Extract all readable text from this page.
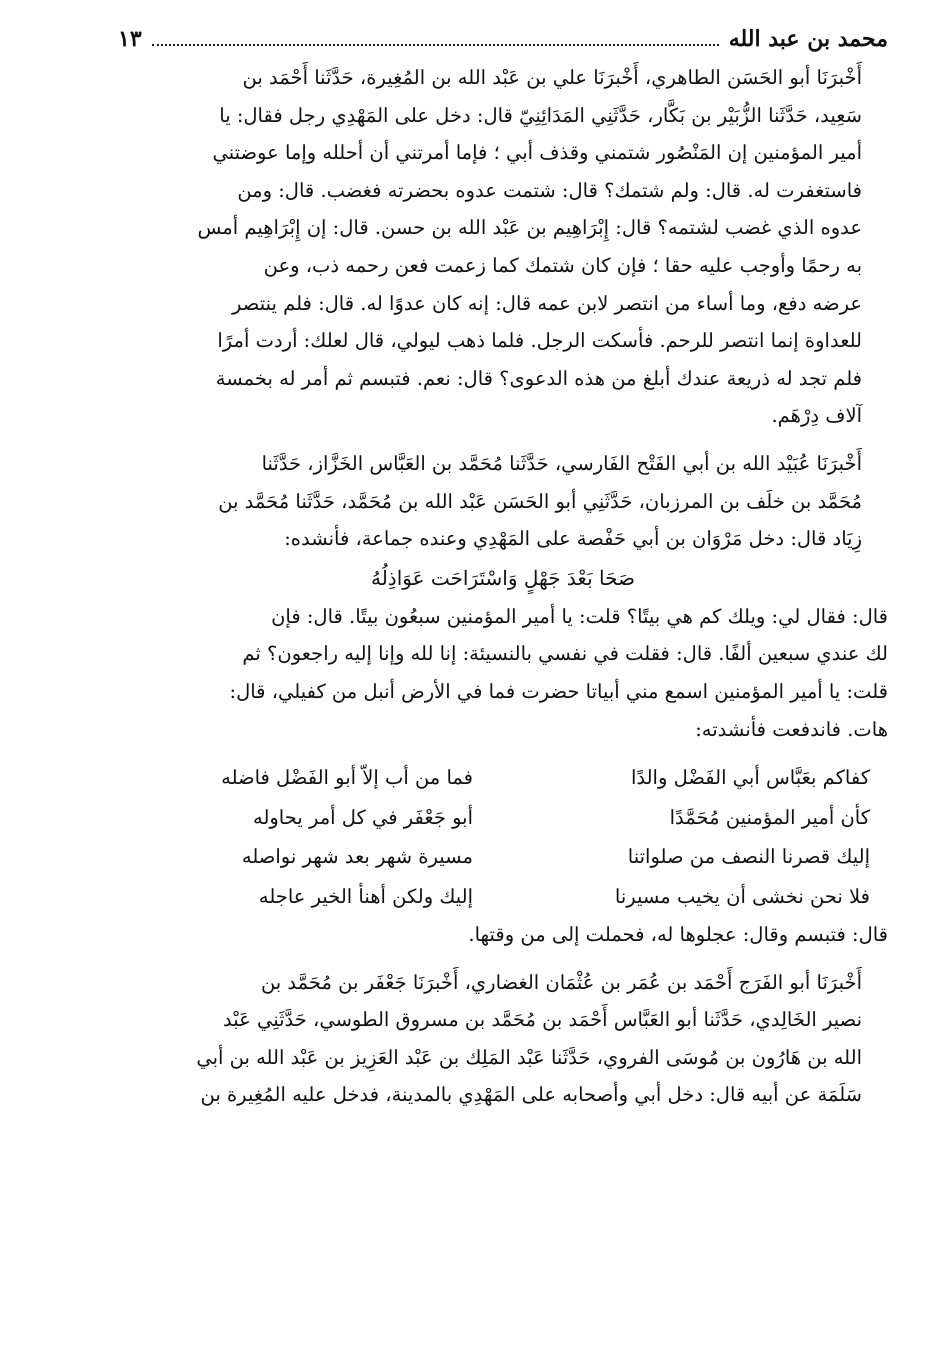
محمد بن عبد الله
١٣

أَخْبرَنَا أبو الحَسَن الطاهري، أَخْبرَنَا علي بن عَبْد الله بن المُغِيرة، حَدَّثَنا أَحْمَد بن
سَعِيد، حَدَّثَنا الزُّبَيْر بن بَكَّار، حَدَّثَنِي المَدَائِنِيّ قال: دخل على المَهْدِي رجل فقال: يا
أمير المؤمنين إن المَنْصُور شتمني وقذف أبي ؛ فإما أمرتني أن أحلله وإما عوضتني
فاستغفرت له. قال: ولم شتمك؟ قال: شتمت عدوه بحضرته فغضب. قال: ومن
عدوه الذي غضب لشتمه؟ قال: إِبْرَاهِيم بن عَبْد الله بن حسن. قال: إن إِبْرَاهِيم أمس
به رحمًا وأوجب عليه حقا ؛ فإن كان شتمك كما زعمت فعن رحمه ذب، وعن
عرضه دفع، وما أساء من انتصر لابن عمه قال: إنه كان عدوًا له. قال: فلم ينتصر
للعداوة إنما انتصر للرحم. فأسكت الرجل. فلما ذهب ليولي، قال لعلك: أردت أمرًا
فلم تجد له ذريعة عندك أبلغ من هذه الدعوى؟ قال: نعم. فتبسم ثم أمر له بخمسة
آلاف دِرْهَم.

أَخْبرَنَا عُبَيْد الله بن أبي الفَتْح الفَارسي، حَدَّثَنا مُحَمَّد بن العَبَّاس الخَزَّاز، حَدَّثَنا
مُحَمَّد بن خلَف بن المرزبان، حَدَّثَنِي أبو الحَسَن عَبْد الله بن مُحَمَّد، حَدَّثَنا مُحَمَّد بن
زِيَاد قال: دخل مَرْوَان بن أبي حَفْصة على المَهْدِي وعنده جماعة، فأنشده:

صَحَا بَعْدَ جَهْلٍ وَاسْتَرَاحَت عَوَاذِلُهُ

قال: فقال لي: ويلك كم هي بيتًا؟ قلت: يا أمير المؤمنين سبعُون بيتًا. قال: فإن
لك عندي سبعين ألفًا. قال: فقلت في نفسي بالنسيئة: إنا لله وإنا إليه راجعون؟ ثم
قلت: يا أمير المؤمنين اسمع مني أبياتا حضرت فما في الأرض أنبل من كفيلي، قال:
هات. فاندفعت فأنشدته:

كفاكم بعَبَّاس أبي الفَضْل والدًا
فما من أب إلاّ أبو الفَضْل فاضله
كأن أمير المؤمنين مُحَمَّدًا
أبو جَعْفَر في كل أمر يحاوله
إليك قصرنا النصف من صلواتنا
مسيرة شهر بعد شهر نواصله
فلا نحن نخشى أن يخيب مسيرنا
إليك ولكن أهنأ الخير عاجله

قال: فتبسم وقال: عجلوها له، فحملت إلى من وقتها.

أَخْبرَنَا أبو الفَرَج أَحْمَد بن عُمَر بن عُثْمَان الغضاري، أَخْبرَنَا جَعْفَر بن مُحَمَّد بن
نصير الخَالِدي، حَدَّثَنا أبو العَبَّاس أَحْمَد بن مُحَمَّد بن مسروق الطوسي، حَدَّثَنِي عَبْد
الله بن هَارُون بن مُوسَى الفروي، حَدَّثَنا عَبْد المَلِك بن عَبْد العَزِيز بن عَبْد الله بن أبي
سَلَمَة عن أبيه قال: دخل أبي وأصحابه على المَهْدِي بالمدينة، فدخل عليه المُغِيرة بن
